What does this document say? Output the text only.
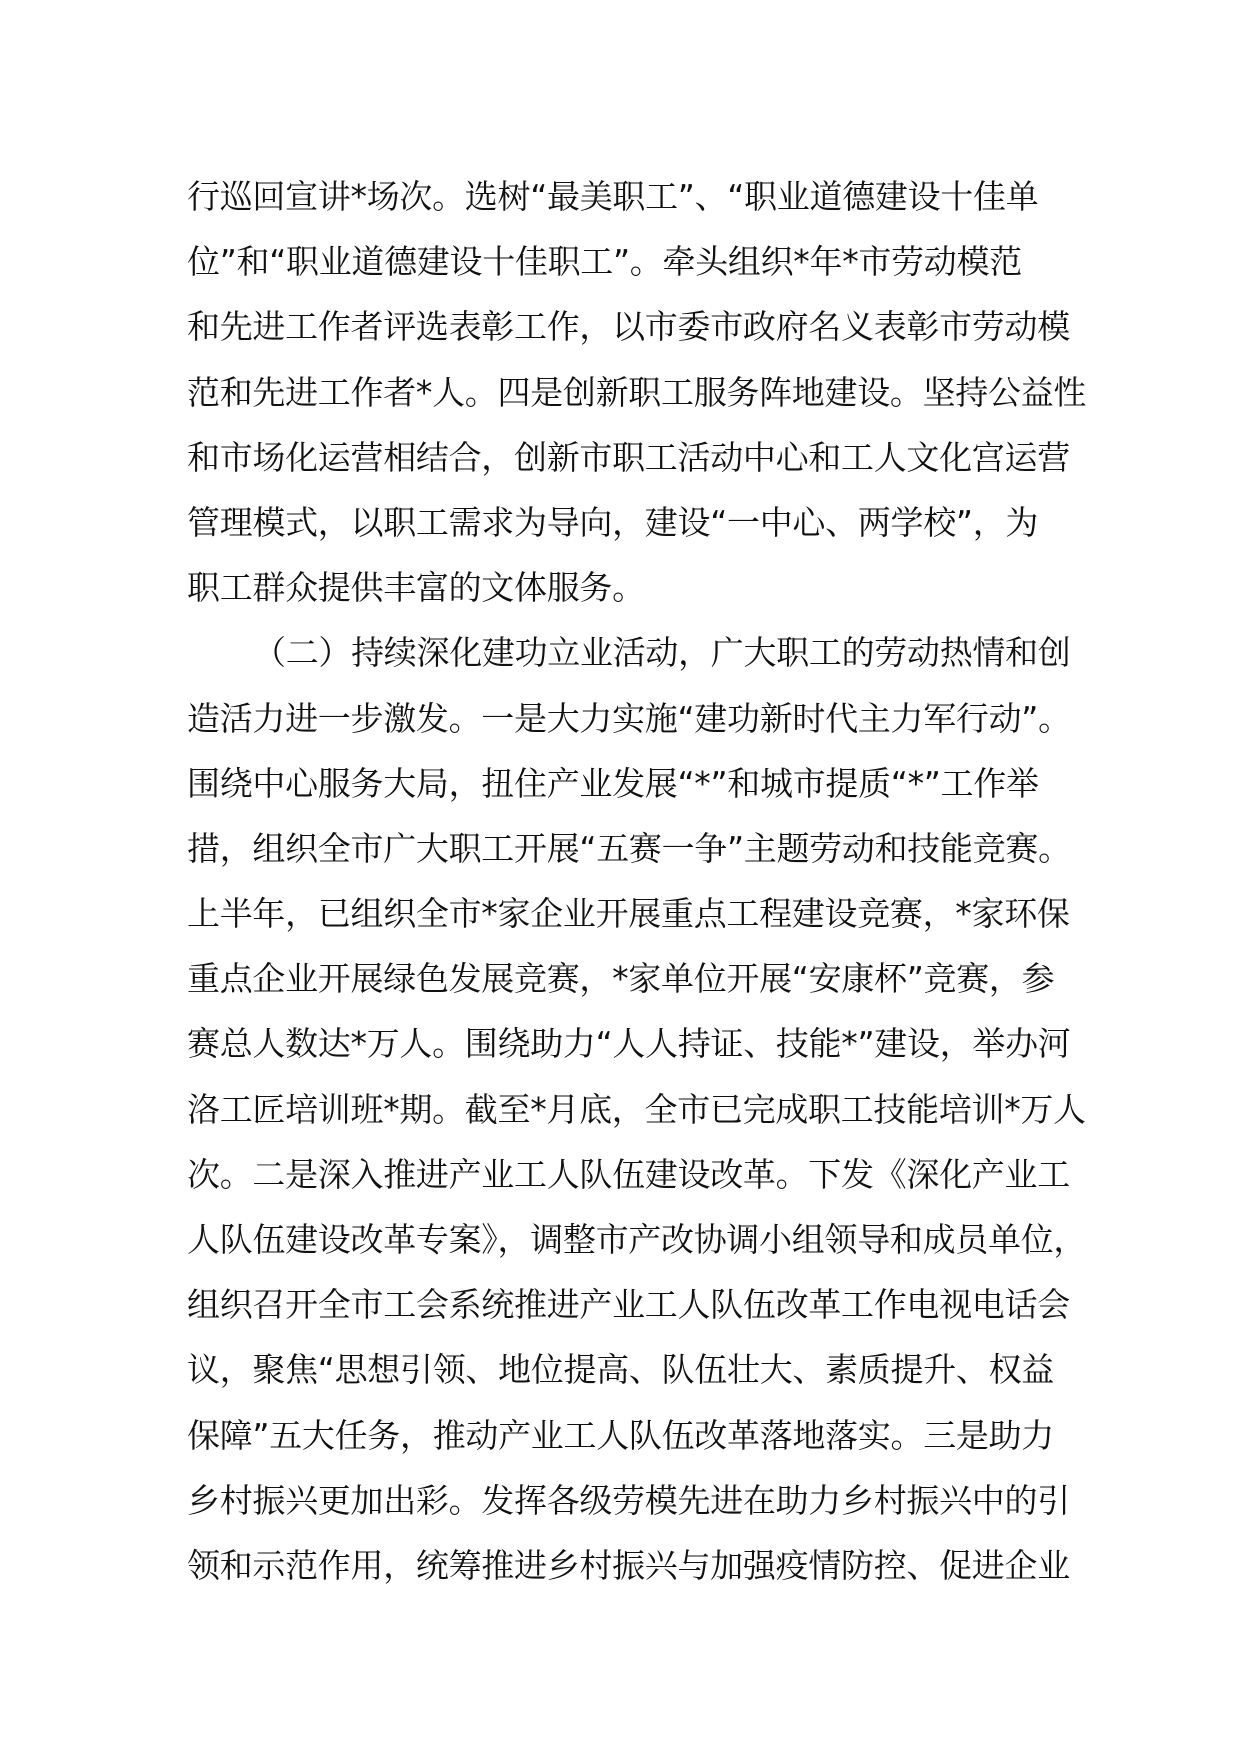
行巡回宣讲*场次。选树“最美职工”、“职业道德建设十佳单
位”和“职业道德建设十佳职工”。牵头组织*年*市劳动模范
和先进工作者评选表彰工作，以市委市政府名义表彰市劳动模
范和先进工作者*人。四是创新职工服务阵地建设。坚持公益性
和市场化运营相结合，创新市职工活动中心和工人文化宫运营
管理模式，以职工需求为导向，建设“一中心、两学校”，为
职工群众提供丰富的文体服务。
（二）持续深化建功立业活动，广大职工的劳动热情和创
造活力进一步激发。一是大力实施“建功新时代主力军行动”。
围绕中心服务大局，扭住产业发展“*”和城市提质“*”工作举
措，组织全市广大职工开展“五赛一争”主题劳动和技能竞赛。
上半年，已组织全市*家企业开展重点工程建设竞赛，*家环保
重点企业开展绿色发展竞赛，*家单位开展“安康杯”竞赛，参
赛总人数达*万人。围绕助力“人人持证、技能*”建设，举办河
洛工匠培训班*期。截至*月底，全市已完成职工技能培训*万人
次。二是深入推进产业工人队伍建设改革。下发《深化产业工
人队伍建设改革专案》，调整市产改协调小组领导和成员单位，
组织召开全市工会系统推进产业工人队伍改革工作电视电话会
议，聚焦“思想引领、地位提高、队伍壮大、素质提升、权益
保障”五大任务，推动产业工人队伍改革落地落实。三是助力
乡村振兴更加出彩。发挥各级劳模先进在助力乡村振兴中的引
领和示范作用，统筹推进乡村振兴与加强疫情防控、促进企业
